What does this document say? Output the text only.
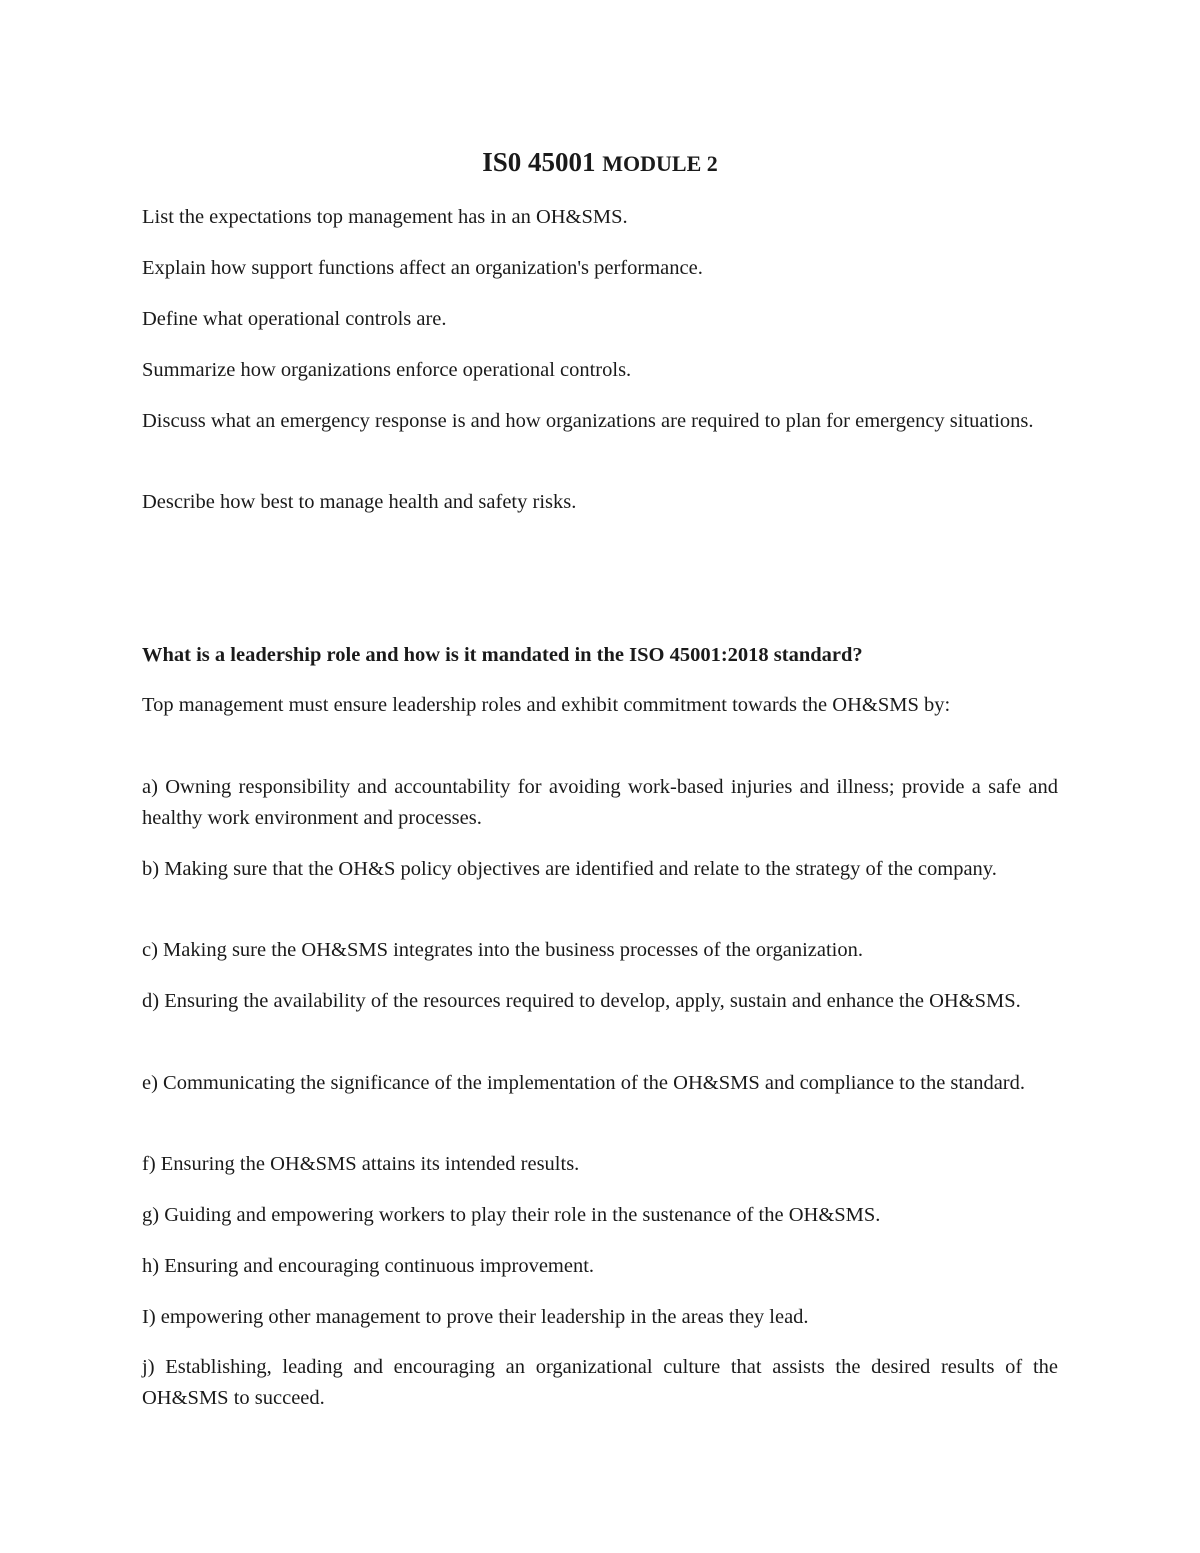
IS0 45001 MODULE 2

List the expectations top management has in an OH&SMS.

Explain how support functions affect an organization's performance.

Define what operational controls are.

Summarize how organizations enforce operational controls.

Discuss what an emergency response is and how organizations are required to plan for emergency situations.

Describe how best to manage health and safety risks.

What is a leadership role and how is it mandated in the ISO 45001:2018 standard?

Top management must ensure leadership roles and exhibit commitment towards the OH&SMS by:

a) Owning responsibility and accountability for avoiding work-based injuries and illness; provide a safe and healthy work environment and processes.

b) Making sure that the OH&S policy objectives are identified and relate to the strategy of the company.

c) Making sure the OH&SMS integrates into the business processes of the organization.

d) Ensuring the availability of the resources required to develop, apply, sustain and enhance the OH&SMS.

e) Communicating the significance of the implementation of the OH&SMS and compliance to the standard.

f) Ensuring the OH&SMS attains its intended results.

g) Guiding and empowering workers to play their role in the sustenance of the OH&SMS.

h) Ensuring and encouraging continuous improvement.

I) empowering other management to prove their leadership in the areas they lead.

j) Establishing, leading and encouraging an organizational culture that assists the desired results of the OH&SMS to succeed.
